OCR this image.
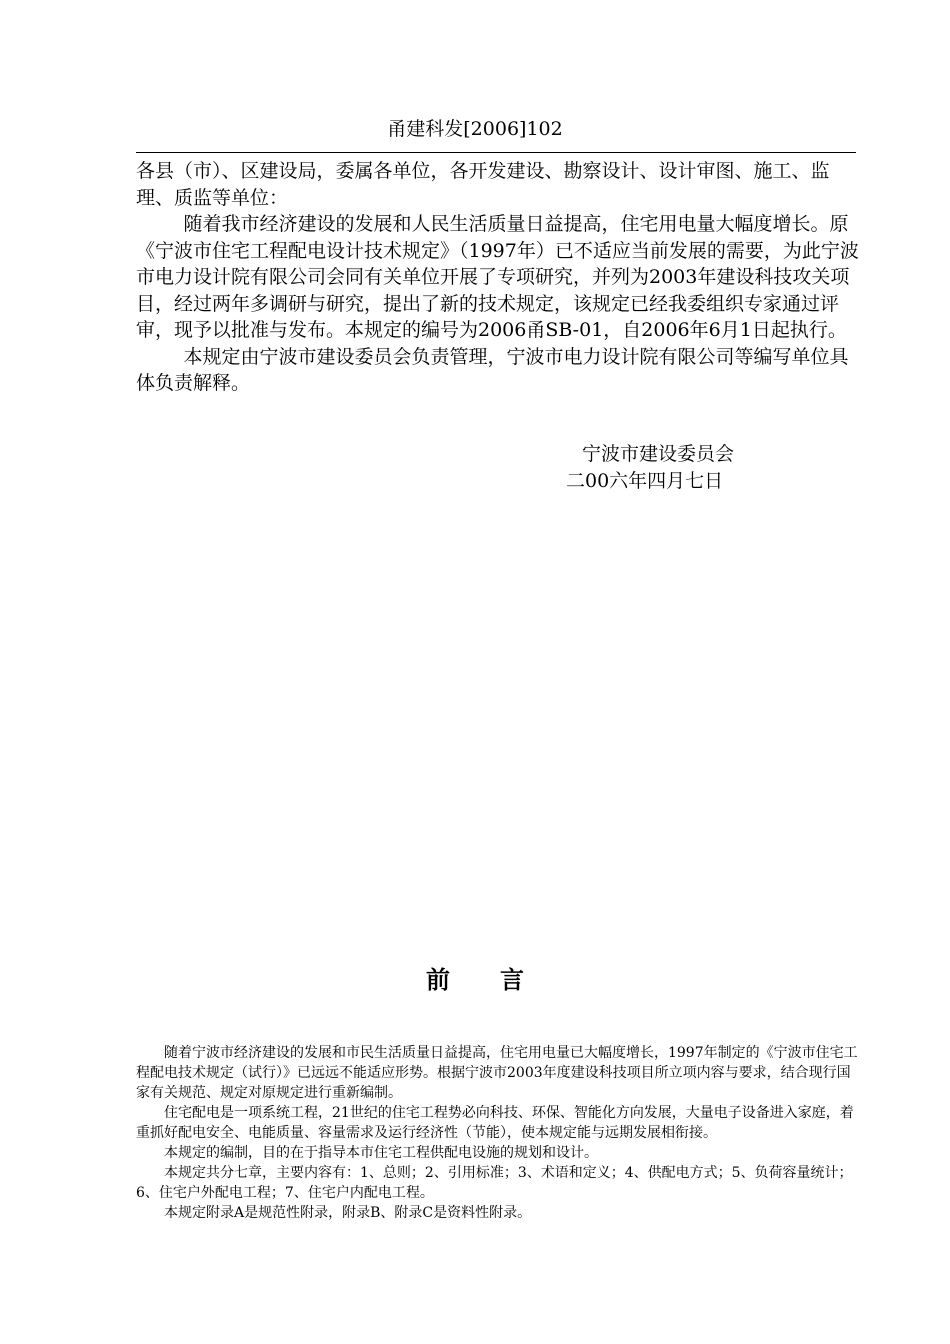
甬建科发[2006]102

各县（市）、区建设局，委属各单位，各开发建设、勘察设计、设计审图、施工、监理、质监等单位：

随着我市经济建设的发展和人民生活质量日益提高，住宅用电量大幅度增长。原《宁波市住宅工程配电设计技术规定》（1997年）已不适应当前发展的需要，为此宁波市电力设计院有限公司会同有关单位开展了专项研究，并列为2003年建设科技攻关项目，经过两年多调研与研究，提出了新的技术规定，该规定已经我委组织专家通过评审，现予以批准与发布。本规定的编号为2006甬SB-01，自2006年6月1日起执行。

本规定由宁波市建设委员会负责管理，宁波市电力设计院有限公司等编写单位具体负责解释。

宁波市建设委员会
二00六年四月七日
前言

随着宁波市经济建设的发展和市民生活质量日益提高，住宅用电量已大幅度增长，1997年制定的《宁波市住宅工程配电技术规定（试行）》已远远不能适应形势。根据宁波市2003年度建设科技项目所立项内容与要求，结合现行国家有关规范、规定对原规定进行重新编制。

住宅配电是一项系统工程，21世纪的住宅工程势必向科技、环保、智能化方向发展，大量电子设备进入家庭，着重抓好配电安全、电能质量、容量需求及运行经济性（节能），使本规定能与远期发展相衔接。

本规定的编制，目的在于指导本市住宅工程供配电设施的规划和设计。

本规定共分七章，主要内容有：1、总则；2、引用标准；3、术语和定义；4、供配电方式；5、负荷容量统计；6、住宅户外配电工程；7、住宅户内配电工程。

本规定附录A是规范性附录，附录B、附录C是资料性附录。
